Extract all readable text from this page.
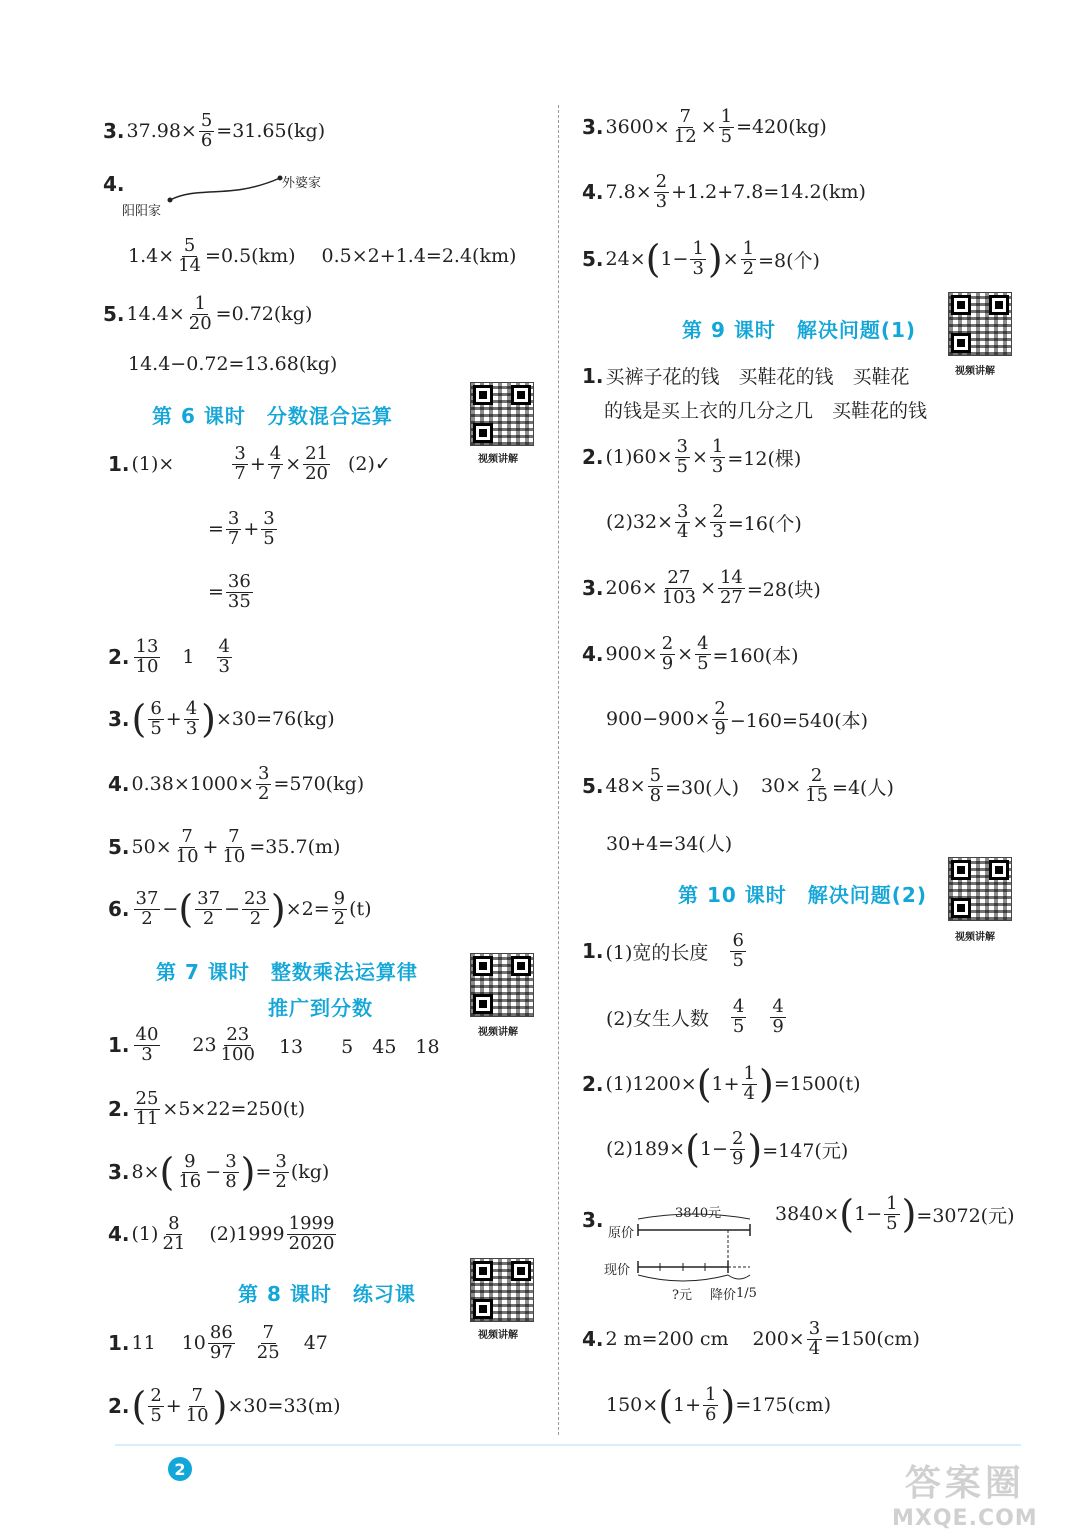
3. $37.98\times \frac{5}{6} =31.65(kg)$
4.
阳阳家
外婆家
$1.4\times \frac{5}{14} =0.5(km)$ 0.5×2+1.4=2.4(km)
5. $14.4\times \frac{1}{20} =0.72(kg)$
14.4−0.72=13.68(kg)
第 6 课时　分数混合运算
视频讲解
1. (1)×	$\frac{3}{7} + \frac{4}{7} \times \frac{21}{20}$ (2)✓
= $\frac{3}{7} + \frac{3}{5}$
= $\frac{36}{35}$
2. $\frac{13}{10} 1 \frac{4}{3}$
3. ( $\frac{6}{5} + \frac{4}{3}$ ) ×30=76(kg)
4. $0.38\times 1000\times \frac{3}{2} =570(kg)$
5. $50\times \frac{7}{10} + \frac{7}{10} =35.7(m)$
6. $\frac{37}{2}$ − ( $\frac{37}{2} - \frac{23}{2}$ ) $\times 2= \frac{9}{2} (t)$
第 7 课时　整数乘法运算律
推广到分数
视频讲解
1. $\frac{40}{3} 23 \frac{23}{100} 13$　　5　45　18
2. $\frac{25}{11} \times 5\times 22=250(t)$
3. 8× ( $\frac{9}{16} - \frac{3}{8}$ ) = $\frac{3}{2} (kg)$
4. $(1) \frac{8}{21} (2)1999 \frac{1999}{2020}$
第 8 课时　练习课
视频讲解
1. 11 $10 \frac{86}{97} \frac{7}{25} 47$
2. ( $\frac{2}{5} + \frac{7}{10}$ ) ×30=33(m)
3. $3600\times \frac{7}{12} \times \frac{1}{5} =420(kg)$
4. $7.8\times \frac{2}{3} +1.2+7.8=14.2(km)$
5. 24× ( $1- \frac{1}{3}$ ) × $\frac{1}{2} =8$(个)
第 9 课时　解决问题(1)
视频讲解
1. 买裤子花的钱　买鞋花的钱　买鞋花
的钱是买上衣的几分之几　买鞋花的钱
2. $(1)60\times \frac{3}{5} \times \frac{1}{3} =12$(棵)
$(2)32\times \frac{3}{4} \times \frac{2}{3} =16$(个)
3. $206\times \frac{27}{103} \times \frac{14}{27} =28$(块)
4. $900\times \frac{2}{9} \times \frac{4}{5} =160$(本)
$900-900\times \frac{2}{9} -160=540$(本)
5. $48\times \frac{5}{8} =30$(人) $30\times \frac{2}{15} =4$(人)
30+4=34(人)
第 10 课时　解决问题(2)
视频讲解
1. (1)宽的长度 $\frac{6}{5}$
(2)女生人数 $\frac{4}{5} \frac{4}{9}$
2. (1)1200× ( $1+ \frac{1}{4}$ ) =1500(t)
(2)189× ( $1- \frac{2}{9}$ ) =147(元)
3.	3840元
原价
现价
?元 降价 1/5
3840× ( $1- \frac{1}{5}$ ) =3072(元)
4. 2 m=200 cm $200\times \frac{3}{4} =150(cm)$
150× ( $1+ \frac{1}{6}$ ) =175(cm)
2	答案圈
MXQE.COM
